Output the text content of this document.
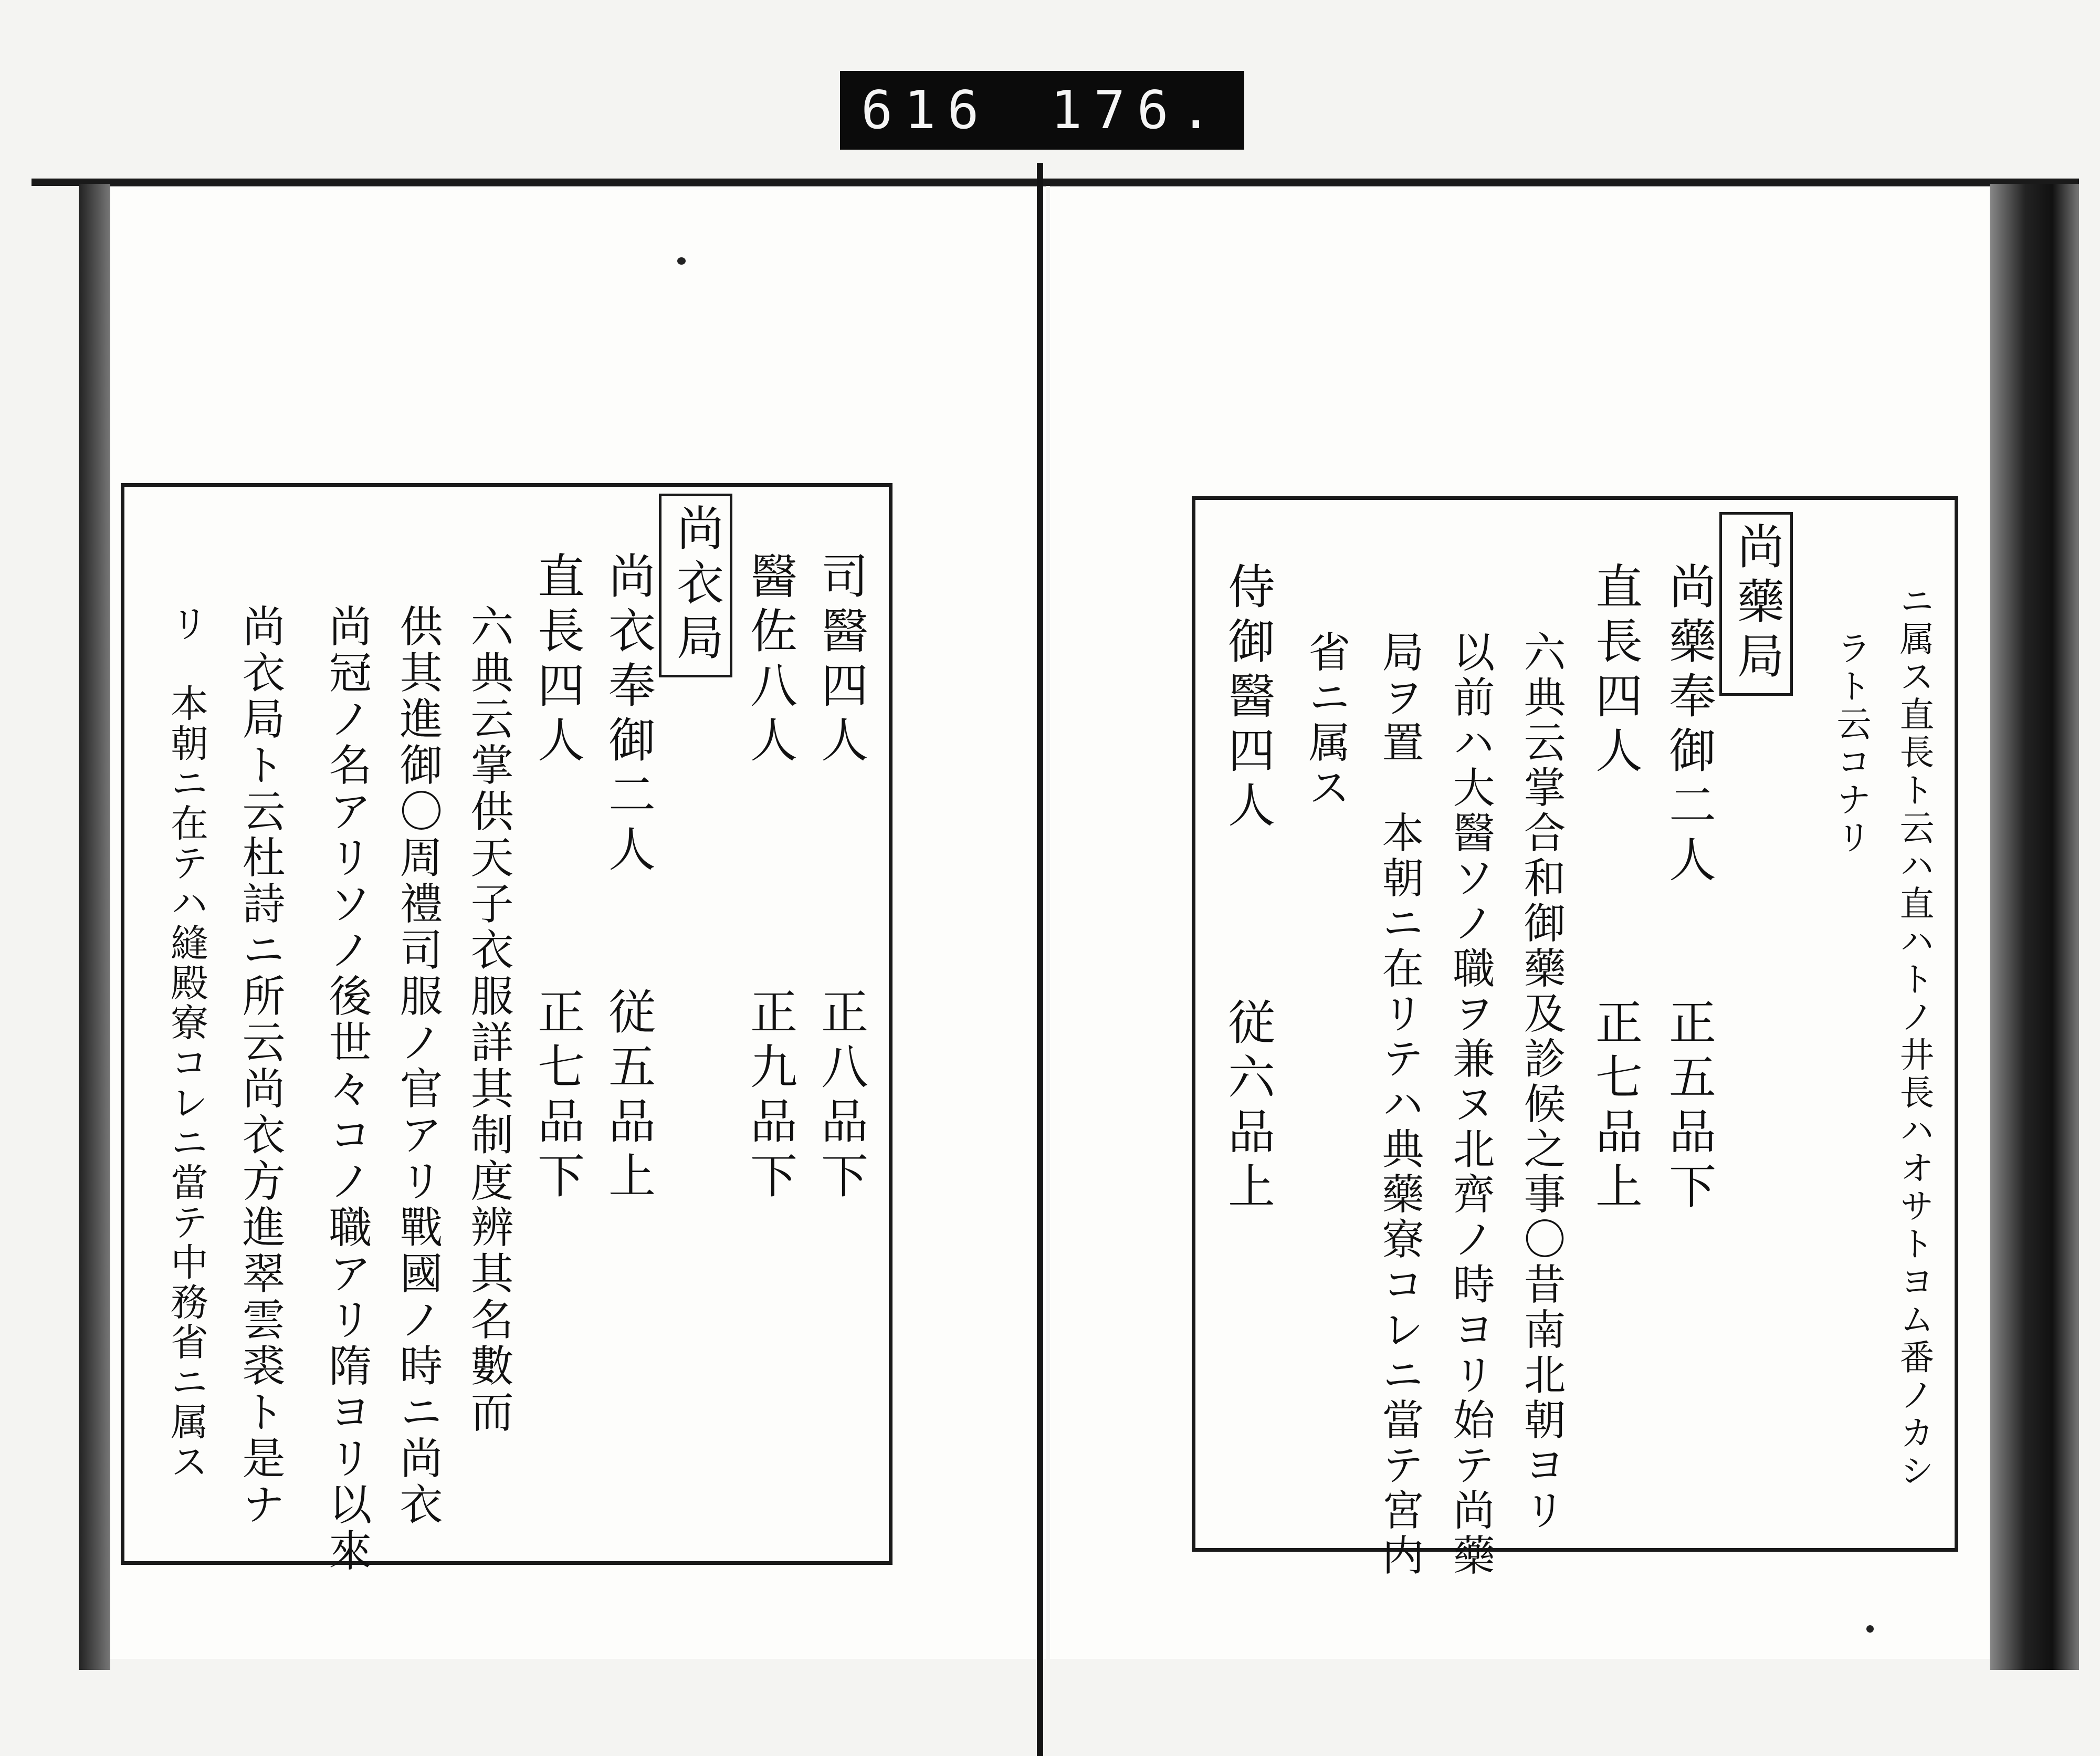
616 176.
司醫四人
正八品下
醫佐八人
正九品下
尚衣局
尚衣奉御二人
従五品上
直長四人
正七品下
六典云掌供天子衣服詳其制度辨其名數而
供其進御〇周禮司服ノ官アリ戰國ノ時ニ尚衣
尚冠ノ名アリソノ後世々コノ職アリ隋ヨリ以來
尚衣局ト云杜詩ニ所云尚衣方進翠雲裘ト是ナ
リ　本朝ニ在テハ縫殿寮コレニ當テ中務省ニ属ス	ニ属ス直長ト云ハ直ハトノ井長ハオサトヨム番ノカシ
ラト云コナリ
尚藥局
尚藥奉御二人
正五品下
直長四人
正七品上
六典云掌合和御藥及診候之事〇昔南北朝ヨリ
以前ハ大醫ソノ職ヲ兼ヌ北齊ノ時ヨリ始テ尚藥
局ヲ置　本朝ニ在リテハ典藥寮コレニ當テ宮内
省ニ属ス
侍御醫四人
従六品上
